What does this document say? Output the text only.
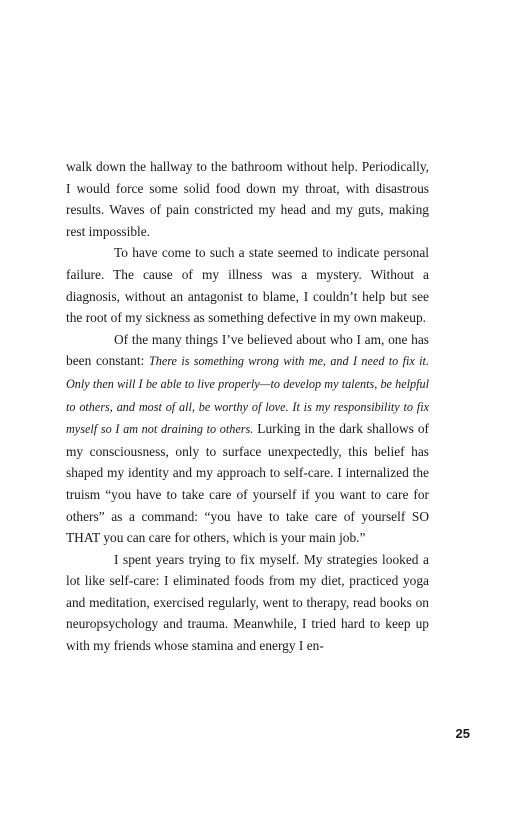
walk down the hallway to the bathroom without help. Periodically, I would force some solid food down my throat, with disastrous results. Waves of pain constricted my head and my guts, making rest impossible.

To have come to such a state seemed to indicate personal failure. The cause of my illness was a mystery. Without a diagnosis, without an antagonist to blame, I couldn’t help but see the root of my sickness as something defective in my own makeup.

Of the many things I’ve believed about who I am, one has been constant: There is something wrong with me, and I need to fix it. Only then will I be able to live properly—to develop my talents, be helpful to others, and most of all, be worthy of love. It is my responsibility to fix myself so I am not draining to others. Lurking in the dark shallows of my consciousness, only to surface unexpectedly, this belief has shaped my identity and my approach to self-care. I internalized the truism “you have to take care of yourself if you want to care for others” as a command: “you have to take care of yourself SO THAT you can care for others, which is your main job.”

I spent years trying to fix myself. My strategies looked a lot like self-care: I eliminated foods from my diet, practiced yoga and meditation, exercised regularly, went to therapy, read books on neuropsychology and trauma. Meanwhile, I tried hard to keep up with my friends whose stamina and energy I en-

25
